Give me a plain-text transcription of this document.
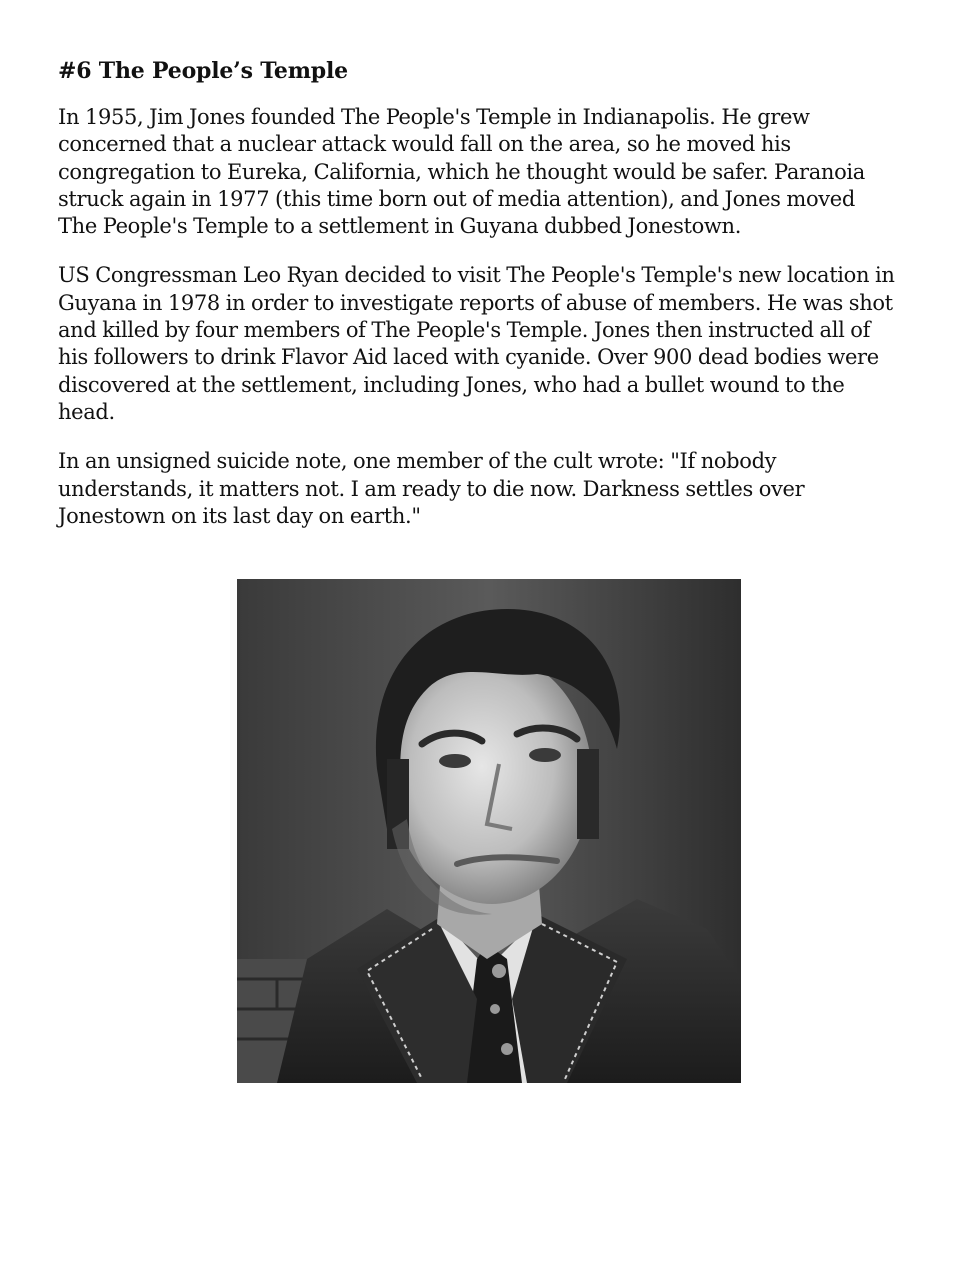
#6 The People’s Temple

In 1955, Jim Jones founded The People's Temple in Indianapolis. He grew
concerned that a nuclear attack would fall on the area, so he moved his
congregation to Eureka, California, which he thought would be safer. Paranoia
struck again in 1977 (this time born out of media attention), and Jones moved
The People's Temple to a settlement in Guyana dubbed Jonestown.

US Congressman Leo Ryan decided to visit The People's Temple's new location in
Guyana in 1978 in order to investigate reports of abuse of members. He was shot
and killed by four members of The People's Temple. Jones then instructed all of
his followers to drink Flavor Aid laced with cyanide. Over 900 dead bodies were
discovered at the settlement, including Jones, who had a bullet wound to the
head.

In an unsigned suicide note, one member of the cult wrote: "If nobody
understands, it matters not. I am ready to die now. Darkness settles over
Jonestown on its last day on earth."
